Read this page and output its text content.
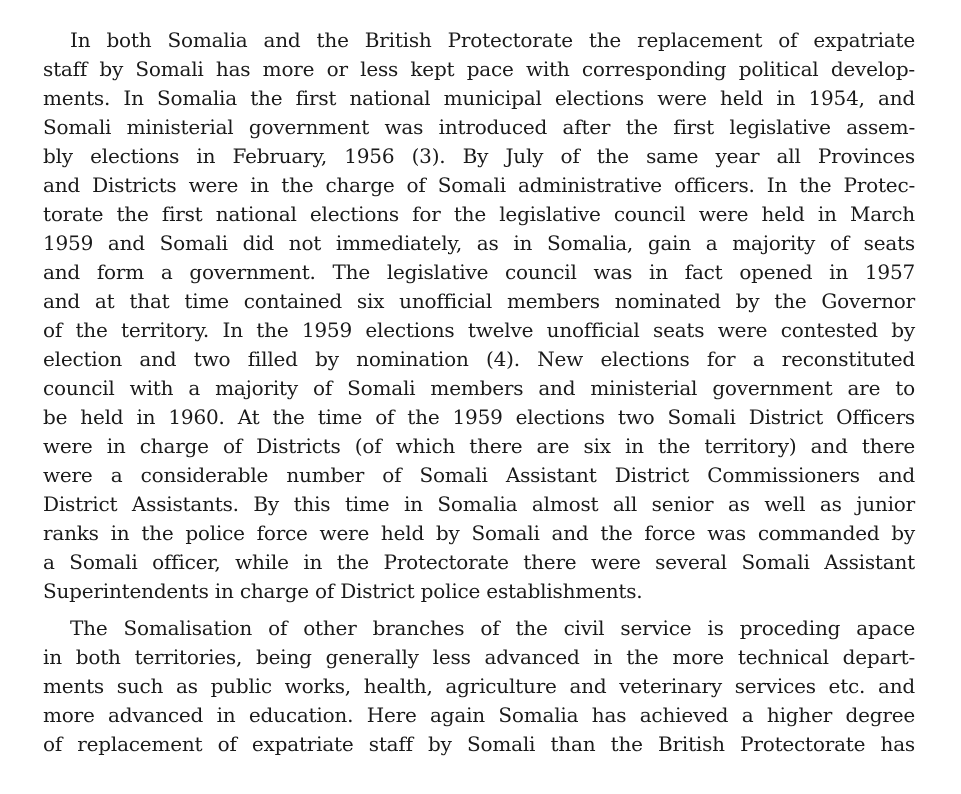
In both Somalia and the British Protectorate the replacement of expatriate
staff by Somali has more or less kept pace with corresponding political develop-
ments. In Somalia the first national municipal elections were held in 1954, and
Somali ministerial government was introduced after the first legislative assem-
bly elections in February, 1956 (3). By July of the same year all Provinces
and Districts were in the charge of Somali administrative officers. In the Protec-
torate the first national elections for the legislative council were held in March
1959 and Somali did not immediately, as in Somalia, gain a majority of seats
and form a government. The legislative council was in fact opened in 1957
and at that time contained six unofficial members nominated by the Governor
of the territory. In the 1959 elections twelve unofficial seats were contested by
election and two filled by nomination (4). New elections for a reconstituted
council with a majority of Somali members and ministerial government are to
be held in 1960. At the time of the 1959 elections two Somali District Officers
were in charge of Districts (of which there are six in the territory) and there
were a considerable number of Somali Assistant District Commissioners and
District Assistants. By this time in Somalia almost all senior as well as junior
ranks in the police force were held by Somali and the force was commanded by
a Somali officer, while in the Protectorate there were several Somali Assistant
Superintendents in charge of District police establishments.
The Somalisation of other branches of the civil service is proceding apace
in both territories, being generally less advanced in the more technical depart-
ments such as public works, health, agriculture and veterinary services etc. and
more advanced in education. Here again Somalia has achieved a higher degree
of replacement of expatriate staff by Somali than the British Protectorate has
